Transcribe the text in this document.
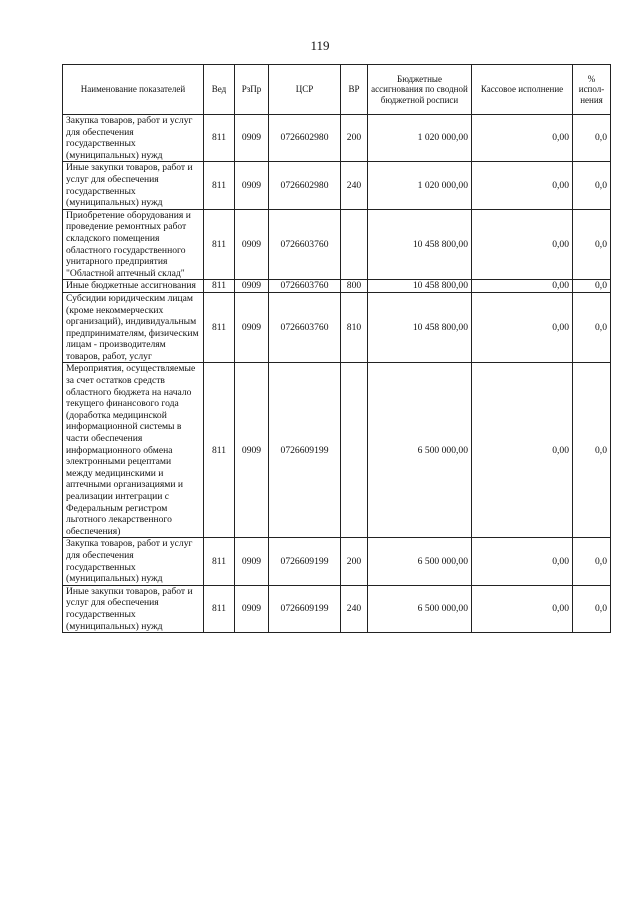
119
Наименование показателей	Вед	РзПр	ЦСР	ВР	Бюджетные ассигнования по сводной бюджетной росписи	Кассовое исполнение	% испол-нения
Закупка товаров, работ и услуг для обеспечения государственных (муниципальных) нужд	811	0909	0726602980	200	1 020 000,00	0,00	0,0
Иные закупки товаров, работ и услуг для обеспечения государственных (муниципальных) нужд	811	0909	0726602980	240	1 020 000,00	0,00	0,0
Приобретение оборудования и проведение ремонтных работ складского помещения областного государственного унитарного предприятия "Областной аптечный склад"	811	0909	0726603760		10 458 800,00	0,00	0,0
Иные бюджетные ассигнования	811	0909	0726603760	800	10 458 800,00	0,00	0,0
Субсидии юридическим лицам (кроме некоммерческих организаций), индивидуальным предпринимателям, физическим лицам - производителям товаров, работ, услуг	811	0909	0726603760	810	10 458 800,00	0,00	0,0
Мероприятия, осуществляемые за счет остатков средств областного бюджета на начало текущего финансового года (доработка медицинской информационной системы в части обеспечения информационного обмена электронными рецептами между медицинскими и аптечными организациями и реализации интеграции с Федеральным регистром льготного лекарственного обеспечения)	811	0909	0726609199		6 500 000,00	0,00	0,0
Закупка товаров, работ и услуг для обеспечения государственных (муниципальных) нужд	811	0909	0726609199	200	6 500 000,00	0,00	0,0
Иные закупки товаров, работ и услуг для обеспечения государственных (муниципальных) нужд	811	0909	0726609199	240	6 500 000,00	0,00	0,0
